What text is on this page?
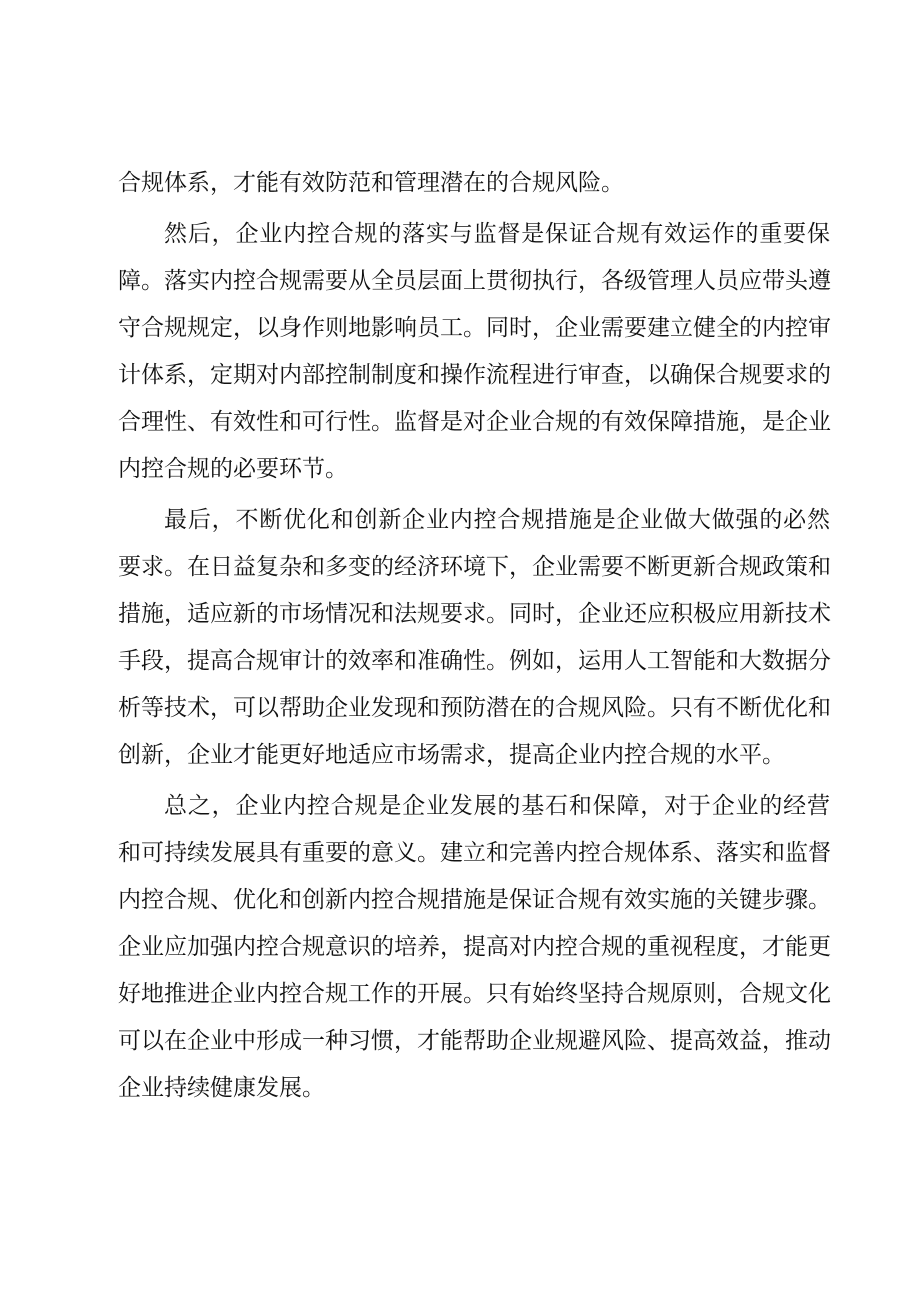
合规体系，才能有效防范和管理潜在的合规风险。
然后，企业内控合规的落实与监督是保证合规有效运作的重要保
障。落实内控合规需要从全员层面上贯彻执行，各级管理人员应带头遵
守合规规定，以身作则地影响员工。同时，企业需要建立健全的内控审
计体系，定期对内部控制制度和操作流程进行审查，以确保合规要求的
合理性、有效性和可行性。监督是对企业合规的有效保障措施，是企业
内控合规的必要环节。
最后，不断优化和创新企业内控合规措施是企业做大做强的必然
要求。在日益复杂和多变的经济环境下，企业需要不断更新合规政策和
措施，适应新的市场情况和法规要求。同时，企业还应积极应用新技术
手段，提高合规审计的效率和准确性。例如，运用人工智能和大数据分
析等技术，可以帮助企业发现和预防潜在的合规风险。只有不断优化和
创新，企业才能更好地适应市场需求，提高企业内控合规的水平。
总之，企业内控合规是企业发展的基石和保障，对于企业的经营
和可持续发展具有重要的意义。建立和完善内控合规体系、落实和监督
内控合规、优化和创新内控合规措施是保证合规有效实施的关键步骤。
企业应加强内控合规意识的培养，提高对内控合规的重视程度，才能更
好地推进企业内控合规工作的开展。只有始终坚持合规原则，合规文化
可以在企业中形成一种习惯，才能帮助企业规避风险、提高效益，推动
企业持续健康发展。
